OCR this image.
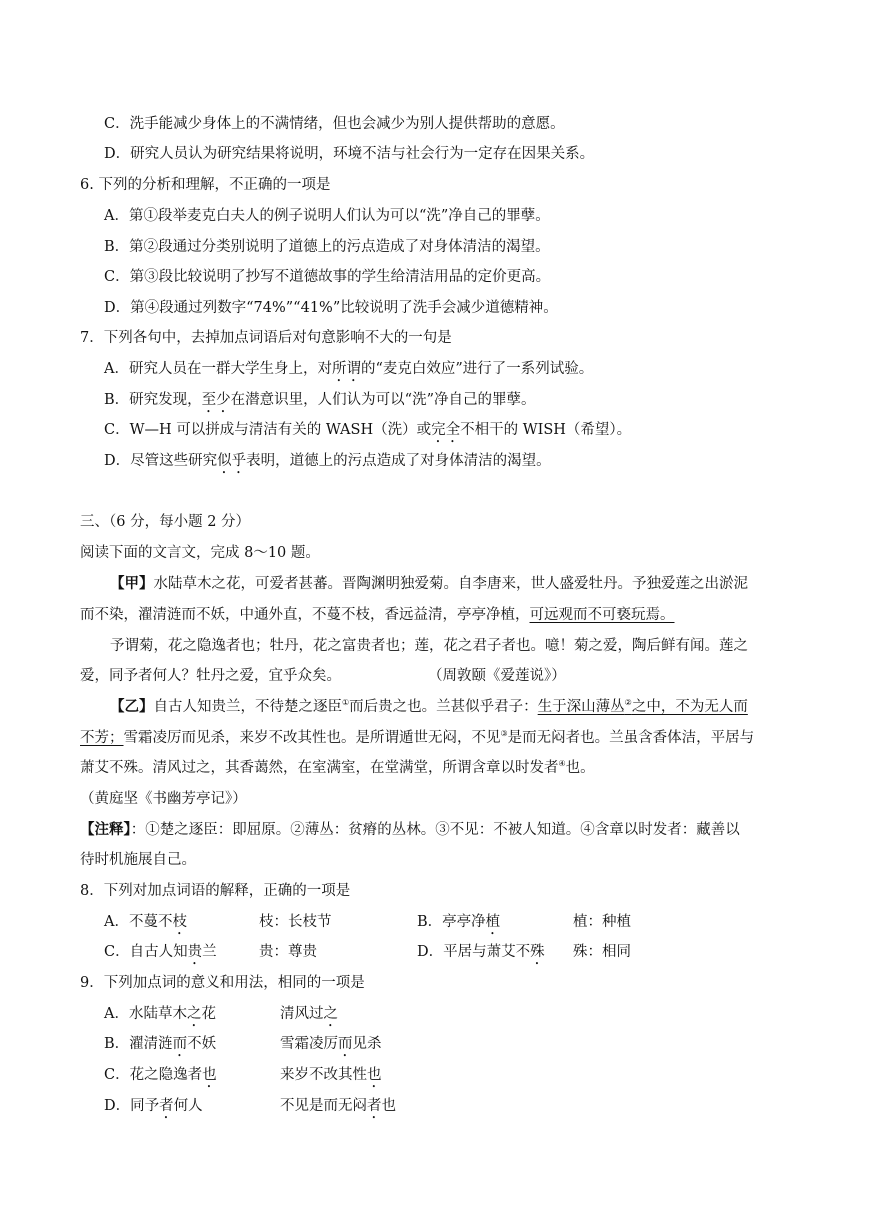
C．洗手能减少身体上的不满情绪，但也会减少为别人提供帮助的意愿。
D．研究人员认为研究结果将说明，环境不洁与社会行为一定存在因果关系。
6. 下列的分析和理解，不正确的一项是
A．第①段举麦克白夫人的例子说明人们认为可以“洗”净自己的罪孽。
B．第②段通过分类别说明了道德上的污点造成了对身体清洁的渴望。
C．第③段比较说明了抄写不道德故事的学生给清洁用品的定价更高。
D．第④段通过列数字“74%”“41%”比较说明了洗手会减少道德精神。
7．下列各句中，去掉加点词语后对句意影响不大的一句是
A．研究人员在一群大学生身上，对所谓的“麦克白效应”进行了一系列试验。
B．研究发现，至少在潜意识里，人们认为可以“洗”净自己的罪孽。
C．W—H 可以拼成与清洁有关的 WASH（洗）或完全不相干的 WISH（希望）。
D．尽管这些研究似乎表明，道德上的污点造成了对身体清洁的渴望。
三、（6 分，每小题 2 分）
阅读下面的文言文，完成 8～10 题。
【甲】水陆草木之花，可爱者甚蕃。晋陶渊明独爱菊。自李唐来，世人盛爱牡丹。予独爱莲之出淤泥
而不染，濯清涟而不妖，中通外直，不蔓不枝，香远益清，亭亭净植，可远观而不可亵玩焉。
予谓菊，花之隐逸者也；牡丹，花之富贵者也；莲，花之君子者也。噫！菊之爱，陶后鲜有闻。莲之
爱，同予者何人？牡丹之爱，宜乎众矣。	（周敦颐《爱莲说》）
【乙】自古人知贵兰，不待楚之逐臣①而后贵之也。兰甚似乎君子：生于深山薄丛②之中，不为无人而
不芳；雪霜凌厉而见杀，来岁不改其性也。是所谓遁世无闷，不见③是而无闷者也。兰虽含香体洁，平居与
萧艾不殊。清风过之，其香蔼然，在室满室，在堂满堂，所谓含章以时发者④也。
（黄庭坚《书幽芳亭记》）
【注释】：①楚之逐臣：即屈原。②薄丛：贫瘠的丛林。③不见：不被人知道。④含章以时发者：藏善以
待时机施展自己。
8．下列对加点词语的解释，正确的一项是
A．不蔓不枝	枝：长枝节	B．亭亭净植	植：种植
C．自古人知贵兰	贵：尊贵	D．平居与萧艾不殊 殊：相同
9．下列加点词的意义和用法，相同的一项是
A．水陆草木之花	清风过之
B．濯清涟而不妖	雪霜凌厉而见杀
C．花之隐逸者也	来岁不改其性也
D．同予者何人	不见是而无闷者也
